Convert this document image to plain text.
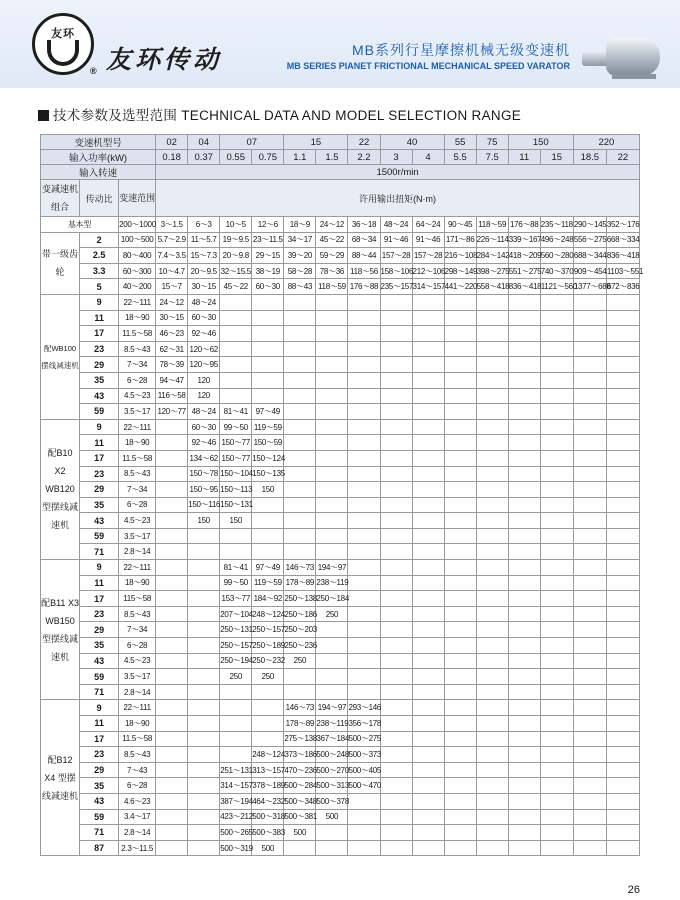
友环
® 友环传动	MB系列行星摩擦机械无级变速机
MB SERIES PIANET FRICTIONAL MECHANICAL SPEED VARATOR
技术参数及选型范围 TECHNICAL DATA AND MODEL SELECTION RANGE
变速机型号			02	04	07		15		22	40		55	75	150		220	
输入功率(kW)			0.18	0.37	0.55	0.75	1.1	1.5	2.2	3	4	5.5	7.5	11	15	18.5	22
输入转速			1500r/min														
变减速机组合	传动比	变速范围	许用输出扭矩(N·m)														
基本型		200～1000	3～1.5	6～3	10～5	12～6	18～9	24～12	36～18	48～24	64～24	90～45	118～59	176～88	235～118	290～145	352～176
带一级齿轮	2	100～500	5.7～2.9	11～5.7	19～9.5	23～11.5	34～17	45～22	68～34	91～46	91～46	171～86	226～114	339～167	496～248	556～275	668～334
	2.5	80～400	7.4～3.5	15～7.3	20～9.8	29～15	39～20	59～29	88～44	157～28	157～28	216～108	284～142	418～209	560～280	688～344	836～418
	3.3	60～300	10～4.7	20～9.5	32～15.5	38～19	58～28	78～36	118～56	158～106	212～106	298～149	398～275	551～275	740～370	909～454	1103～551
	5	40～200	15～7	30～15	45～22	60～30	88～43	118～59	176～88	235～157	314～157	441～220	558～418	836～418	1121～560	1377～688	672～836
配WB100摆线减速机	9	22～111	24～12	48～24													
	11	18～90	30～15	60～30													
	17	11.5～58	46～23	92～46													
	23	8.5～43	62～31	120～62													
	29	7～34	78～39	120～95													
	35	6～28	94～47	120													
	43	4.5～23	116～58	120													
	59	3.5～17	120～77	48～24	81～41	97～49											
配B10 X2 WB120型摆线减速机	9	22～111		60～30	99～50	119～59											
	11	18～90		92～46	150～77	150～59											
	17	11.5～58		134～62	150～77	150～124											
	23	8.5～43		150～78	150～104	150～135											
	29	7～34		150～95	150～113	150											
	35	6～28		150～116	150～131												
	43	4.5～23		150	150												
	59	3.5～17															
	71	2.8～14															
配B11 X3 WB150型摆线减速机	9	22～111			81～41	97～49	146～73	194～97									
	11	18～90			99～50	119～59	178～89	238～119									
	17	115～58			153～77	184～92	250～138	250～184									
	23	8.5～43			207～104	248～124	250～186	250									
	29	7～34			250～131	250～157	250～203										
	35	6～28			250～157	250～189	250～236										
	43	4.5～23			250～194	250～232	250										
	59	3.5～17			250	250											
	71	2.8～14															
配B12 X4 型摆线减速机	9	22～111					146～73	194～97	293～146								
	11	18～90					178～89	238～119	356～178								
	17	11.5～58					275～138	367～184	500～275								
	23	8.5～43				248～124	373～186	500～248	500～373								
	29	7～43			251～131	313～157	470～236	500～270	500～405								
	35	6～28			314～157	378～189	500～284	500～313	500～470								
	43	4.6～23			387～194	464～232	500～348	500～378									
	59	3.4～17			423～212	500～318	500～381	500									
	71	2.8～14			500～265	500～383	500										
	87	2.3～11.5			500～319	500											
26
